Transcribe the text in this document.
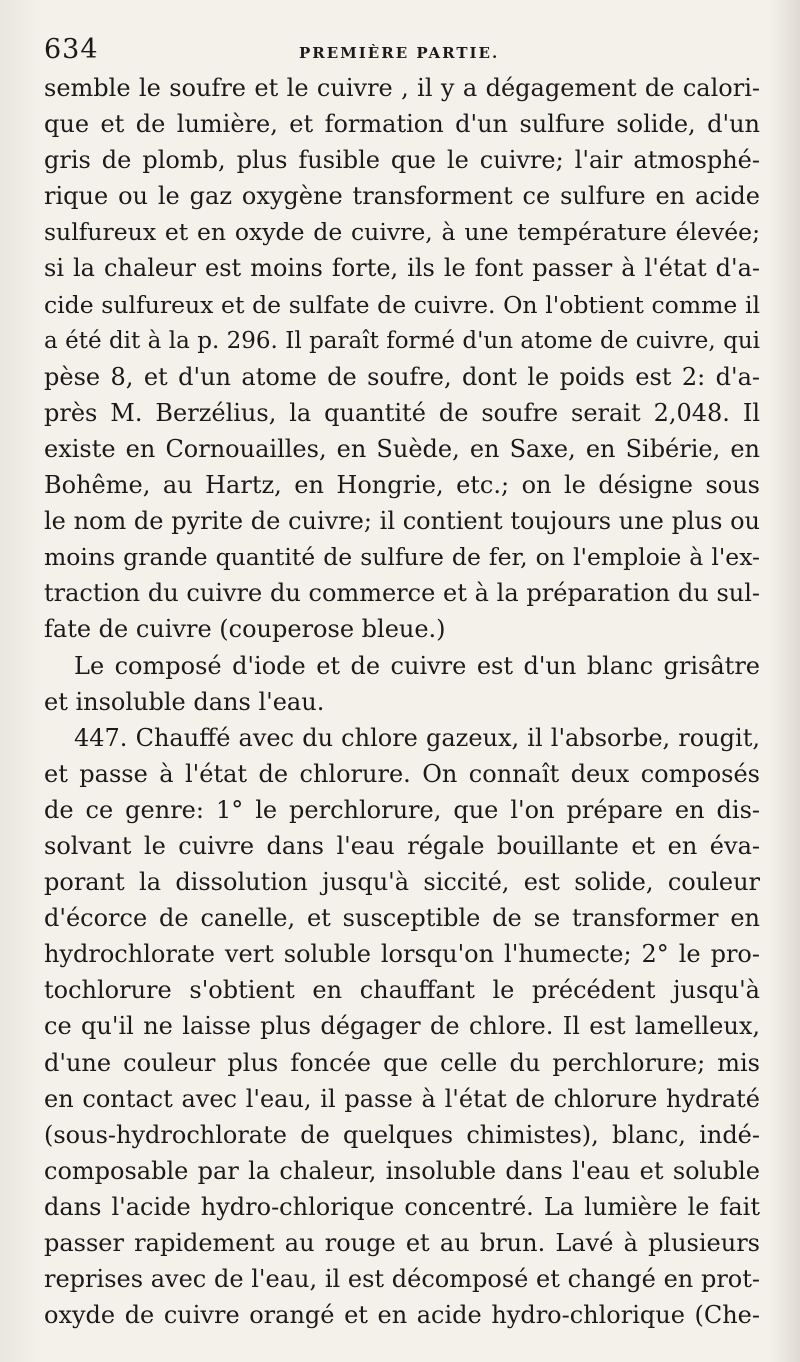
634	PREMIÈRE PARTIE.
semble le soufre et le cuivre , il y a dégagement de calori-
que et de lumière, et formation d'un sulfure solide, d'un
gris de plomb, plus fusible que le cuivre; l'air atmosphé-
rique ou le gaz oxygène transforment ce sulfure en acide
sulfureux et en oxyde de cuivre, à une température élevée;
si la chaleur est moins forte, ils le font passer à l'état d'a-
cide sulfureux et de sulfate de cuivre. On l'obtient comme il
a été dit à la p. 296. Il paraît formé d'un atome de cuivre, qui
pèse 8, et d'un atome de soufre, dont le poids est 2: d'a-
près M. Berzélius, la quantité de soufre serait 2,048. Il
existe en Cornouailles, en Suède, en Saxe, en Sibérie, en
Bohême, au Hartz, en Hongrie, etc.; on le désigne sous
le nom de pyrite de cuivre; il contient toujours une plus ou
moins grande quantité de sulfure de fer, on l'emploie à l'ex-
traction du cuivre du commerce et à la préparation du sul-
fate de cuivre (couperose bleue.)
Le composé d'iode et de cuivre est d'un blanc grisâtre
et insoluble dans l'eau.
447. Chauffé avec du chlore gazeux, il l'absorbe, rougit,
et passe à l'état de chlorure. On connaît deux composés
de ce genre: 1° le perchlorure, que l'on prépare en dis-
solvant le cuivre dans l'eau régale bouillante et en éva-
porant la dissolution jusqu'à siccité, est solide, couleur
d'écorce de canelle, et susceptible de se transformer en
hydrochlorate vert soluble lorsqu'on l'humecte; 2° le pro-
tochlorure s'obtient en chauffant le précédent jusqu'à
ce qu'il ne laisse plus dégager de chlore. Il est lamelleux,
d'une couleur plus foncée que celle du perchlorure; mis
en contact avec l'eau, il passe à l'état de chlorure hydraté
(sous-hydrochlorate de quelques chimistes), blanc, indé-
composable par la chaleur, insoluble dans l'eau et soluble
dans l'acide hydro-chlorique concentré. La lumière le fait
passer rapidement au rouge et au brun. Lavé à plusieurs
reprises avec de l'eau, il est décomposé et changé en prot-
oxyde de cuivre orangé et en acide hydro-chlorique (Che-
